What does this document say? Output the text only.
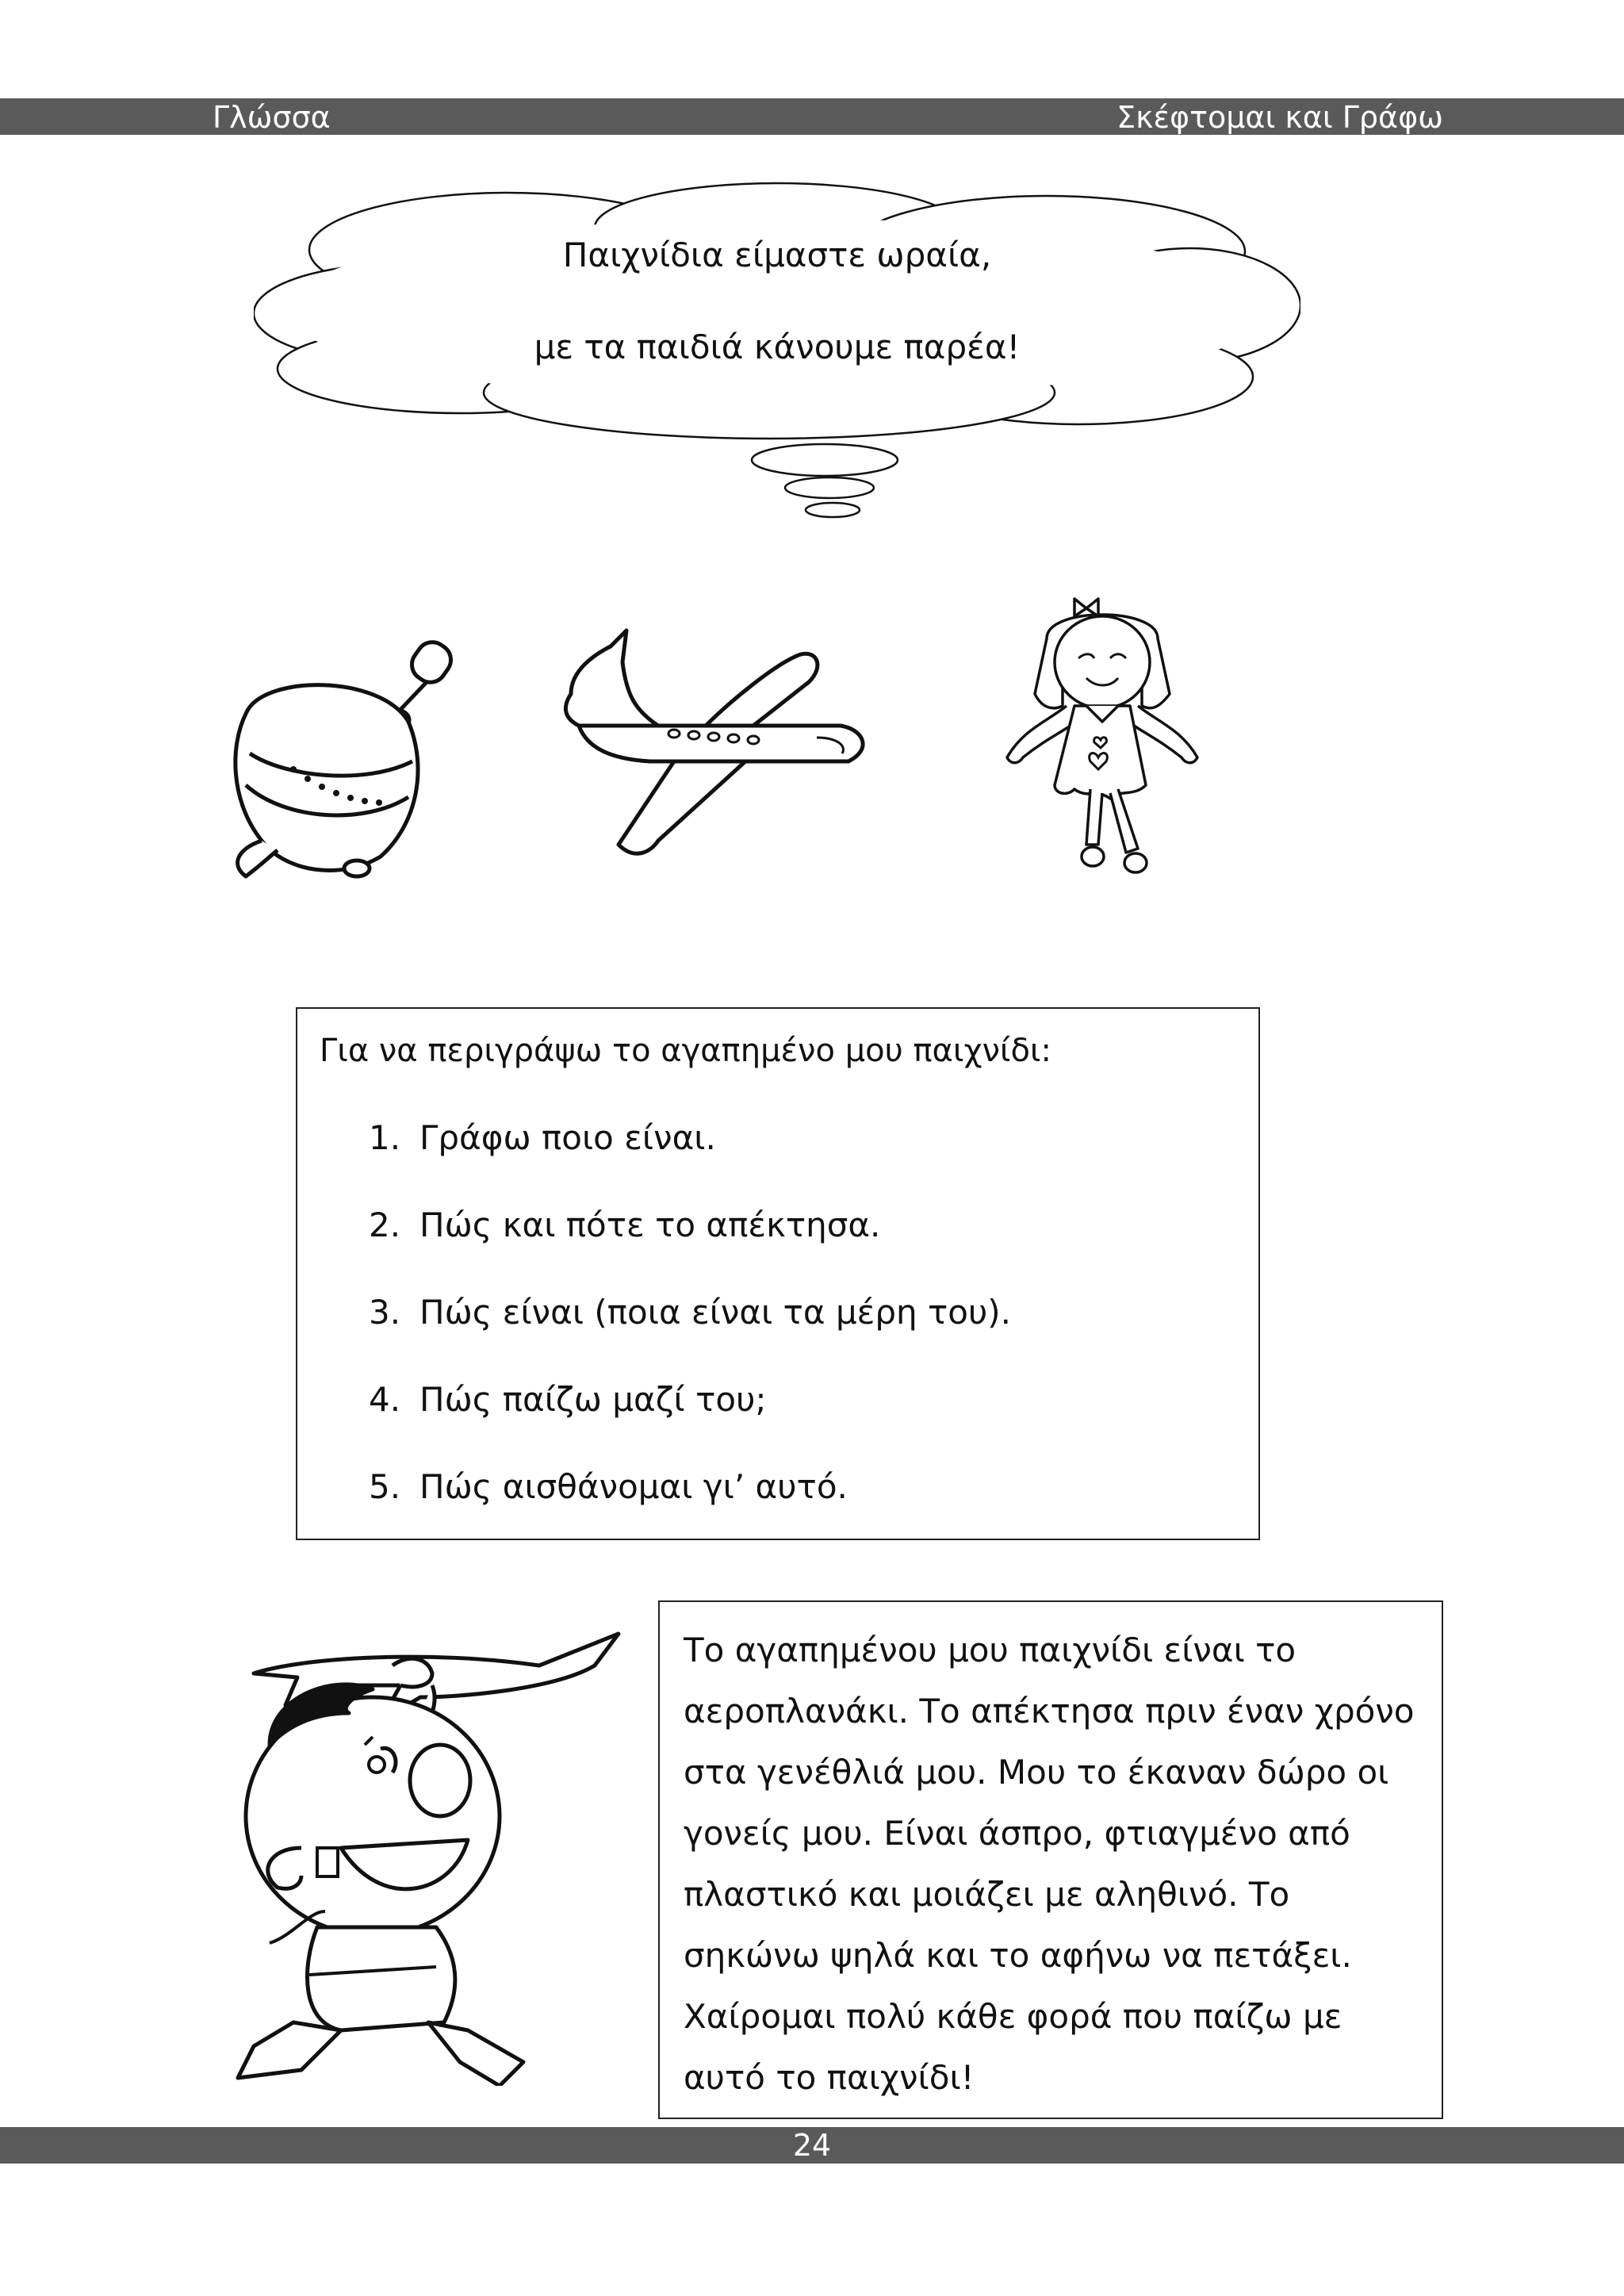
Γλώσσα	Σκέφτομαι και Γράφω
Παιχνίδια είμαστε ωραία,
με τα παιδιά κάνουμε παρέα!
Για να περιγράψω το αγαπημένο μου παιχνίδι:
1. Γράφω ποιο είναι.
2. Πώς και πότε το απέκτησα.
3. Πώς είναι (ποια είναι τα μέρη του).
4. Πώς παίζω μαζί του;
5. Πώς αισθάνομαι γι’ αυτό.
Το αγαπημένου μου παιχνίδι είναι το
αεροπλανάκι. Το απέκτησα πριν έναν χρόνο
στα γενέθλιά μου. Μου το έκαναν δώρο οι
γονείς μου. Είναι άσπρο, φτιαγμένο από
πλαστικό και μοιάζει με αληθινό. Το
σηκώνω ψηλά και το αφήνω να πετάξει.
Χαίρομαι πολύ κάθε φορά που παίζω με
αυτό το παιχνίδι!
24
